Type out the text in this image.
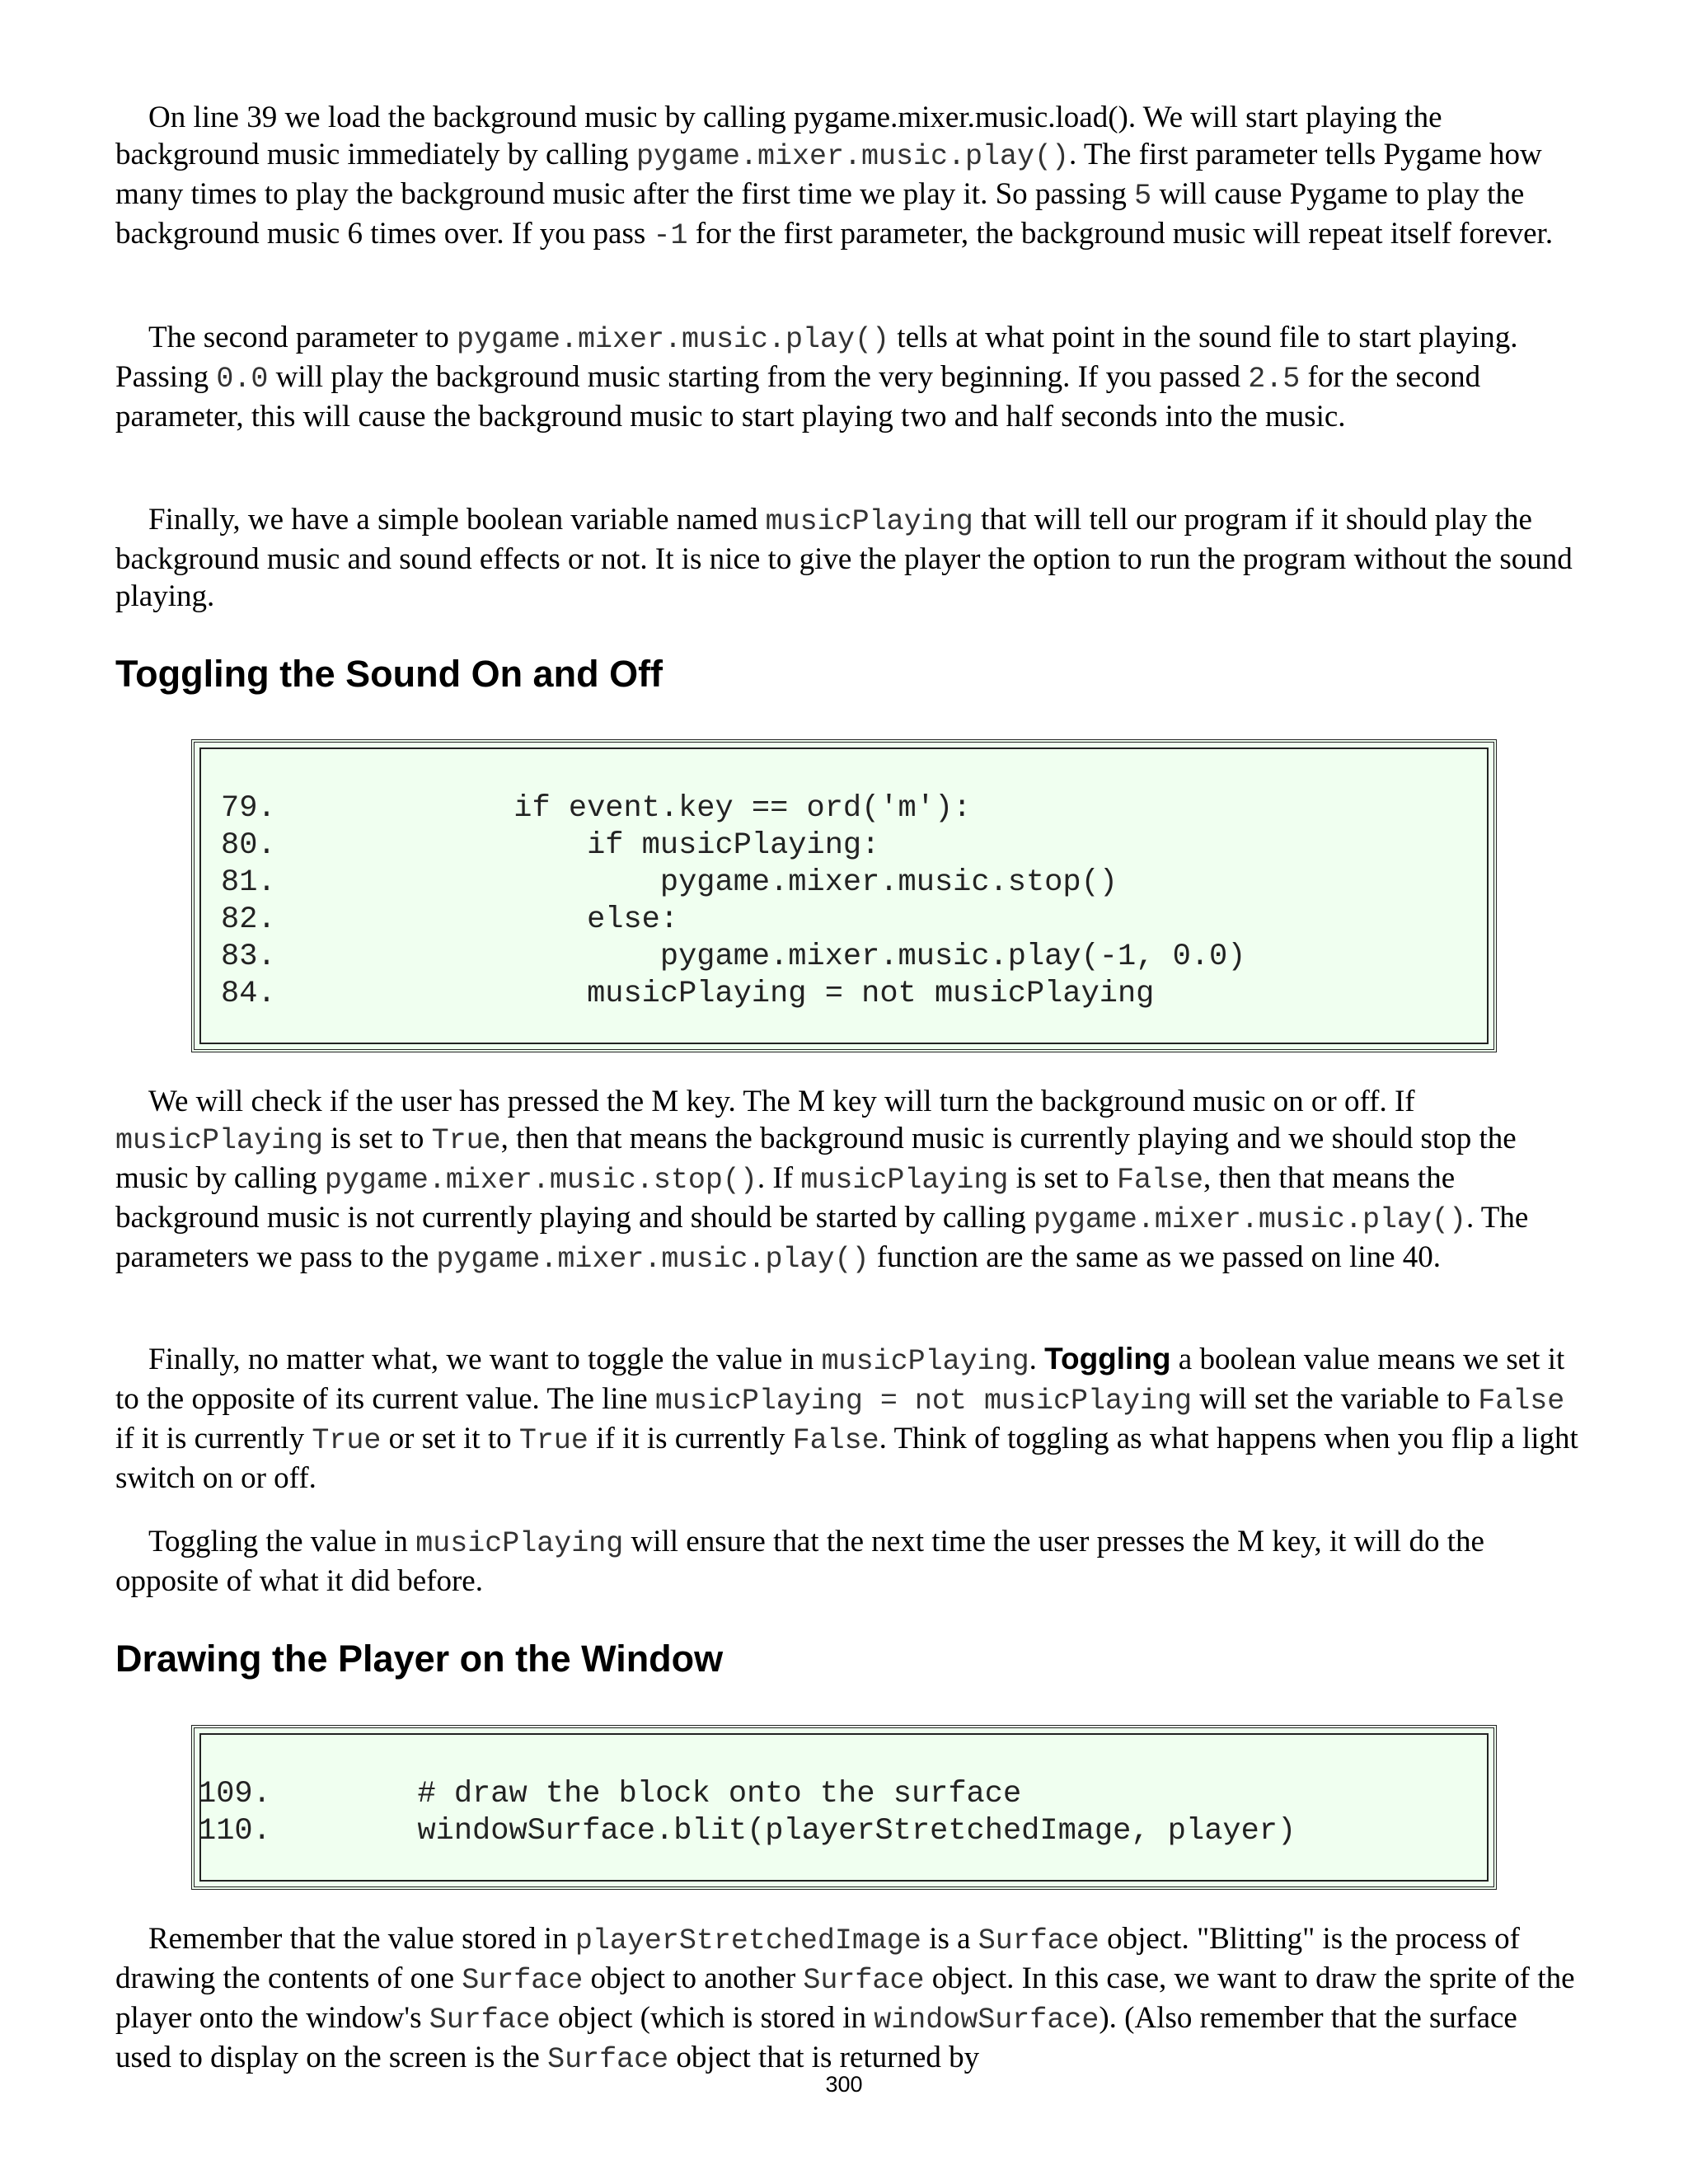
On line 39 we load the background music by calling pygame.mixer.music.load(). We will start playing the background music immediately by calling pygame.mixer.music.play(). The first parameter tells Pygame how many times to play the background music after the first time we play it. So passing 5 will cause Pygame to play the background music 6 times over. If you pass -1 for the first parameter, the background music will repeat itself forever.

The second parameter to pygame.mixer.music.play() tells at what point in the sound file to start playing. Passing 0.0 will play the background music starting from the very beginning. If you passed 2.5 for the second parameter, this will cause the background music to start playing two and half seconds into the music.

Finally, we have a simple boolean variable named musicPlaying that will tell our program if it should play the background music and sound effects or not. It is nice to give the player the option to run the program without the sound playing.

Toggling the Sound On and Off
79.             if event.key == ord('m'):
80.                 if musicPlaying:
81.                     pygame.mixer.music.stop()
82.                 else:
83.                     pygame.mixer.music.play(-1, 0.0)
84.                 musicPlaying = not musicPlaying

We will check if the user has pressed the M key. The M key will turn the background music on or off. If musicPlaying is set to True, then that means the background music is currently playing and we should stop the music by calling pygame.mixer.music.stop(). If musicPlaying is set to False, then that means the background music is not currently playing and should be started by calling pygame.mixer.music.play(). The parameters we pass to the pygame.mixer.music.play() function are the same as we passed on line 40.

Finally, no matter what, we want to toggle the value in musicPlaying. Toggling a boolean value means we set it to the opposite of its current value. The line musicPlaying = not musicPlaying will set the variable to False if it is currently True or set it to True if it is currently False. Think of toggling as what happens when you flip a light switch on or off.

Toggling the value in musicPlaying will ensure that the next time the user presses the M key, it will do the opposite of what it did before.

Drawing the Player on the Window
109.        # draw the block onto the surface
110.        windowSurface.blit(playerStretchedImage, player)

Remember that the value stored in playerStretchedImage is a Surface object. "Blitting" is the process of drawing the contents of one Surface object to another Surface object. In this case, we want to draw the sprite of the player onto the window's Surface object (which is stored in windowSurface). (Also remember that the surface used to display on the screen is the Surface object that is returned by

300
